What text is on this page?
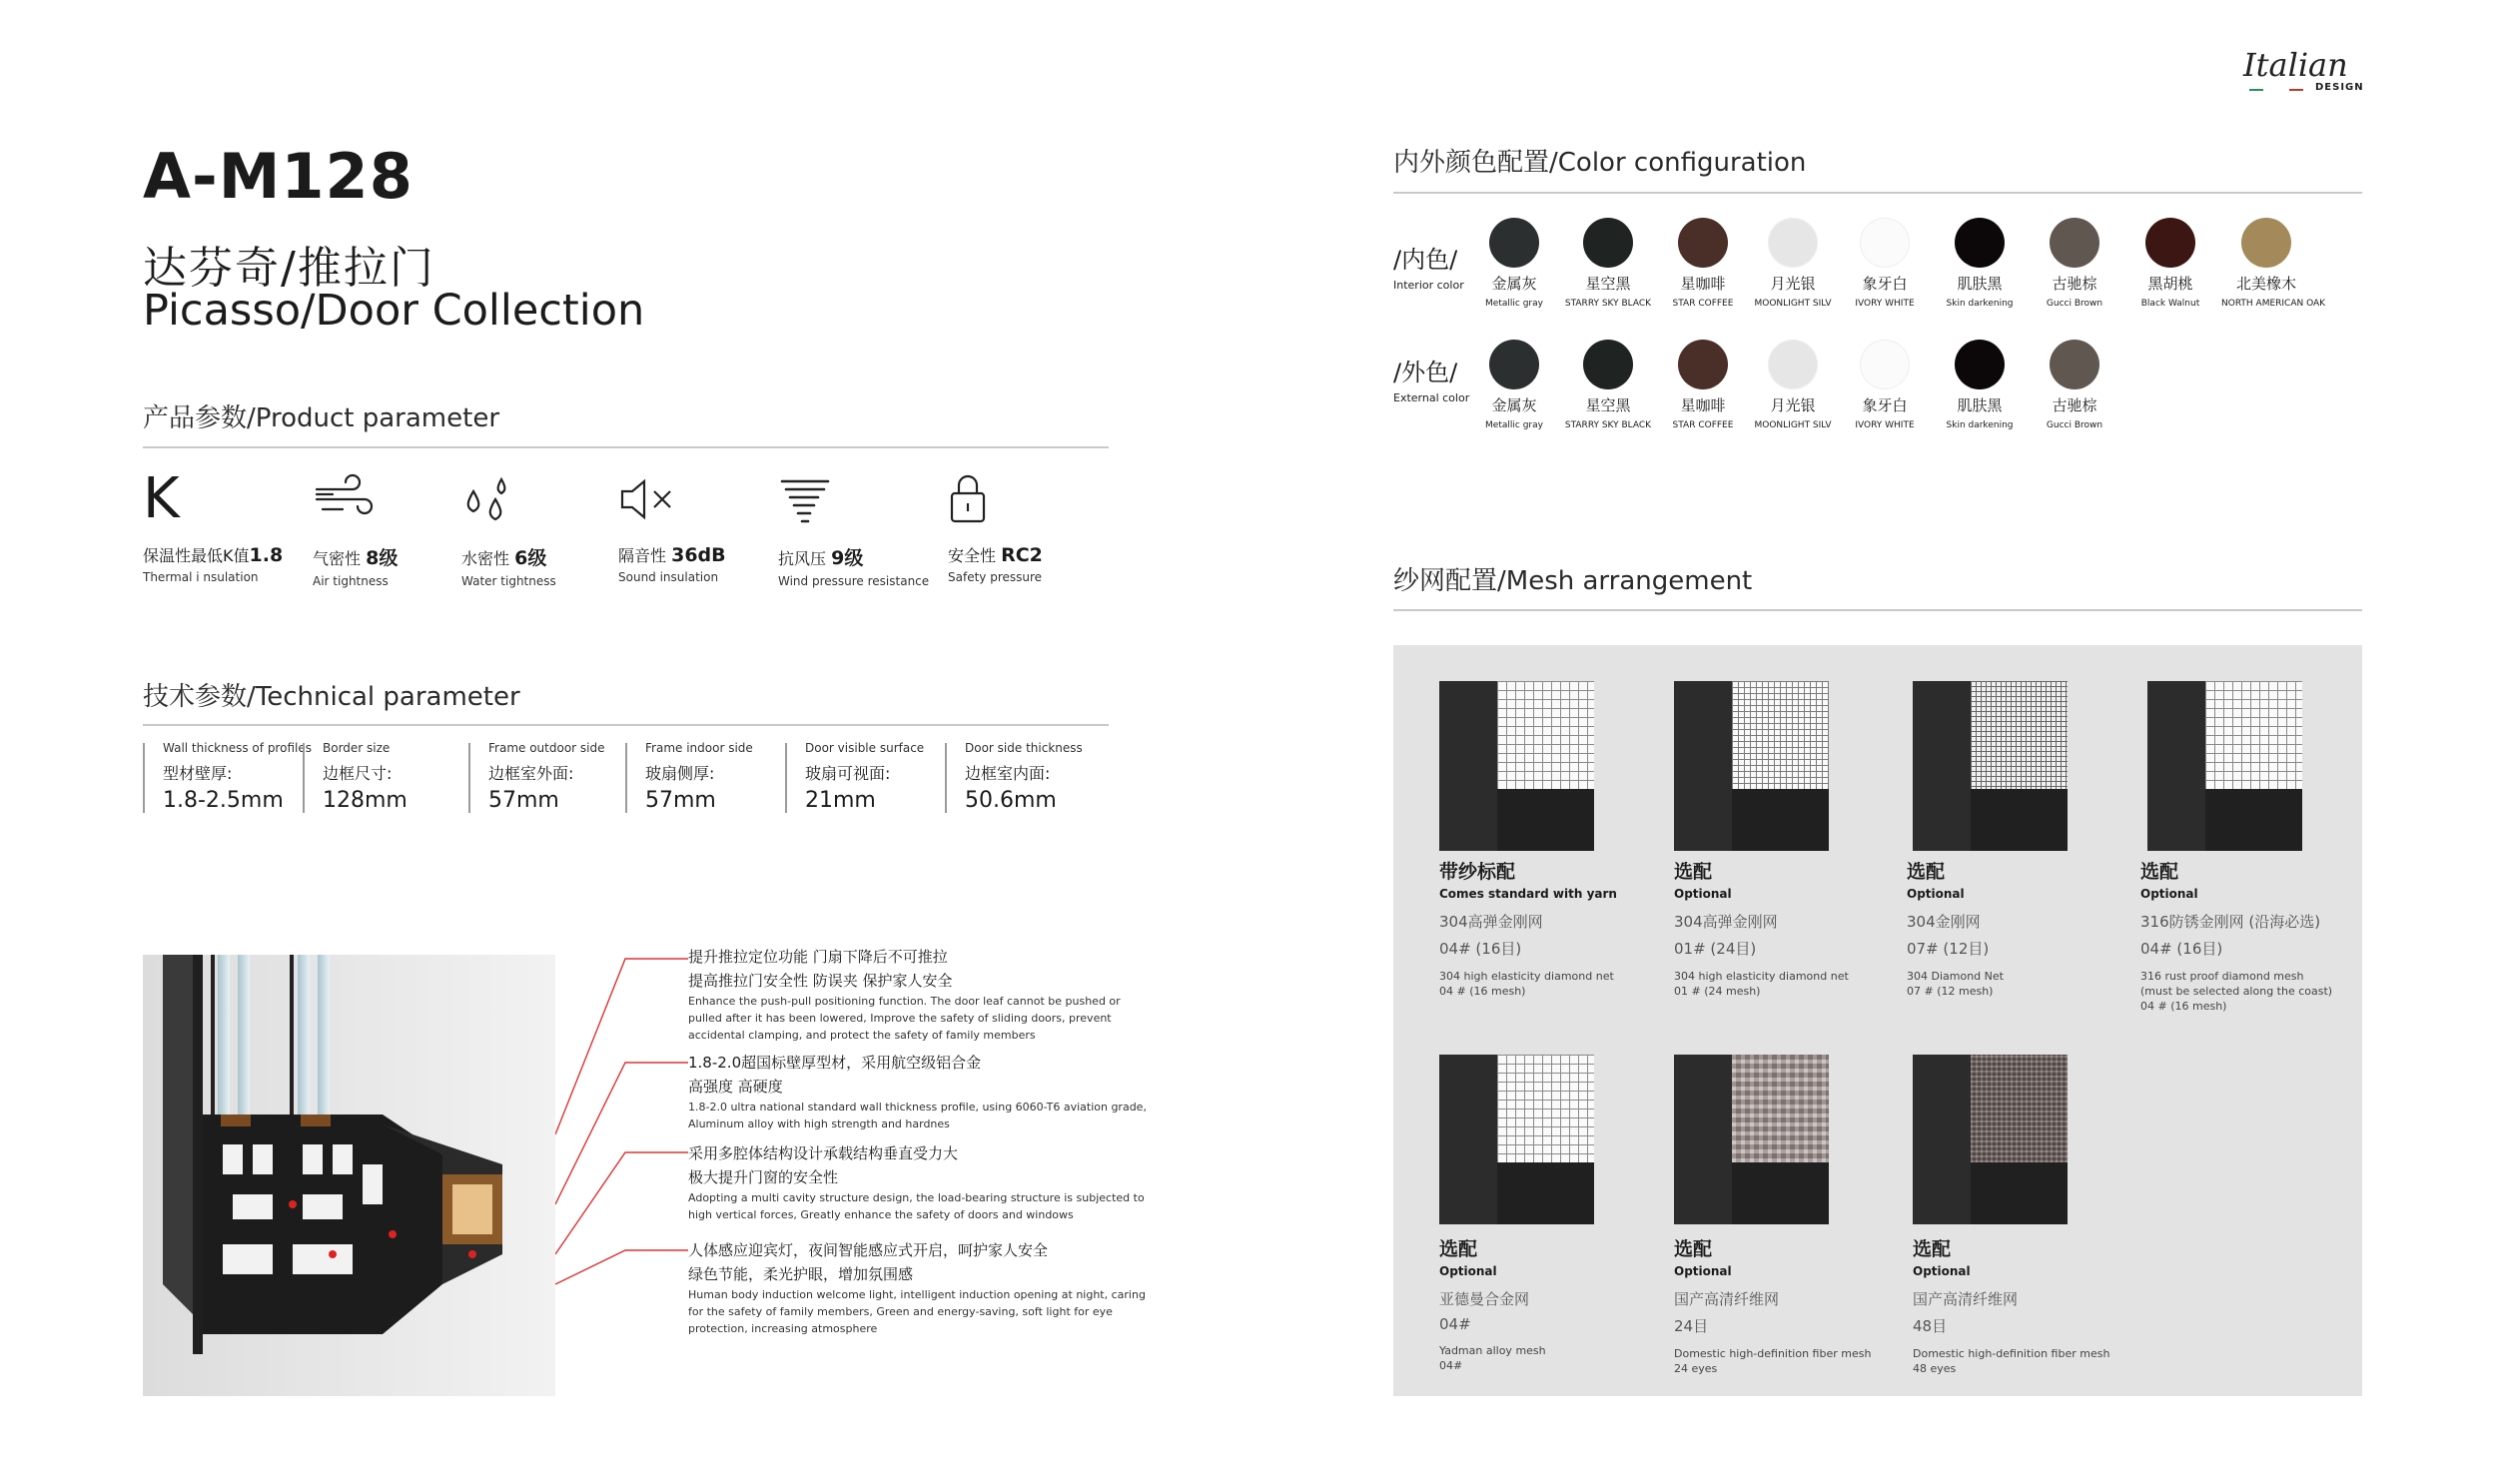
Italian
DESIGN
A-M128
达芬奇/推拉门
Picasso/Door Collection
产品参数/Product parameter
K
保温性最低K值1.8
Thermal i nsulation
气密性 8级
Air tightness
水密性 6级
Water tightness
隔音性 36dB
Sound insulation
抗风压 9级
Wind pressure resistance
安全性 RC2
Safety pressure
技术参数/Technical parameter
Wall thickness of profiles
型材壁厚:
1.8-2.5mm
Border size
边框尺寸:
128mm
Frame outdoor side
边框室外面:
57mm
Frame indoor side
玻扇侧厚:
57mm
Door visible surface
玻扇可视面:
21mm
Door side thickness
边框室内面:
50.6mm
提升推拉定位功能 门扇下降后不可推拉
提高推拉门安全性 防误夹 保护家人安全
Enhance the push-pull positioning function. The door leaf cannot be pushed or pulled after it has been lowered, Improve the safety of sliding doors, prevent accidental clamping, and protect the safety of family members
1.8-2.0超国标壁厚型材，采用航空级铝合金
高强度 高硬度
1.8-2.0 ultra national standard wall thickness profile, using 6060-T6 aviation grade, Aluminum alloy with high strength and hardnes
采用多腔体结构设计承载结构垂直受力大
极大提升门窗的安全性
Adopting a multi cavity structure design, the load-bearing structure is subjected to high vertical forces, Greatly enhance the safety of doors and windows
人体感应迎宾灯，夜间智能感应式开启，呵护家人安全
绿色节能，柔光护眼，增加氛围感
Human body induction welcome light, intelligent induction opening at night, caring for the safety of family members, Green and energy-saving, soft light for eye protection, increasing atmosphere
内外颜色配置/Color configuration
/内色/
Interior color
/外色/
External color
金属灰
Metallic gray
星空黑
STARRY SKY BLACK
星咖啡
STAR COFFEE
月光银
MOONLIGHT SILV
象牙白
IVORY WHITE
肌肤黑
Skin darkening
古驰棕
Gucci Brown
黑胡桃
Black Walnut
北美橡木
NORTH AMERICAN OAK
金属灰
Metallic gray
星空黑
STARRY SKY BLACK
星咖啡
STAR COFFEE
月光银
MOONLIGHT SILV
象牙白
IVORY WHITE
肌肤黑
Skin darkening
古驰棕
Gucci Brown
纱网配置/Mesh arrangement
带纱标配
Comes standard with yarn
304高弹金刚网
04# (16目)
304 high elasticity diamond net
04 # (16 mesh)
选配
Optional
304高弹金刚网
01# (24目)
304 high elasticity diamond net
01 # (24 mesh)
选配
Optional
304金刚网
07# (12目)
304 Diamond Net
07 # (12 mesh)
选配
Optional
316防锈金刚网 (沿海必选)
04# (16目)
316 rust proof diamond mesh
(must be selected along the coast)
04 # (16 mesh)
选配
Optional
亚德曼合金网
04#
Yadman alloy mesh
04#
选配
Optional
国产高清纤维网
24目
Domestic high-definition fiber mesh
24 eyes
选配
Optional
国产高清纤维网
48目
Domestic high-definition fiber mesh
48 eyes
